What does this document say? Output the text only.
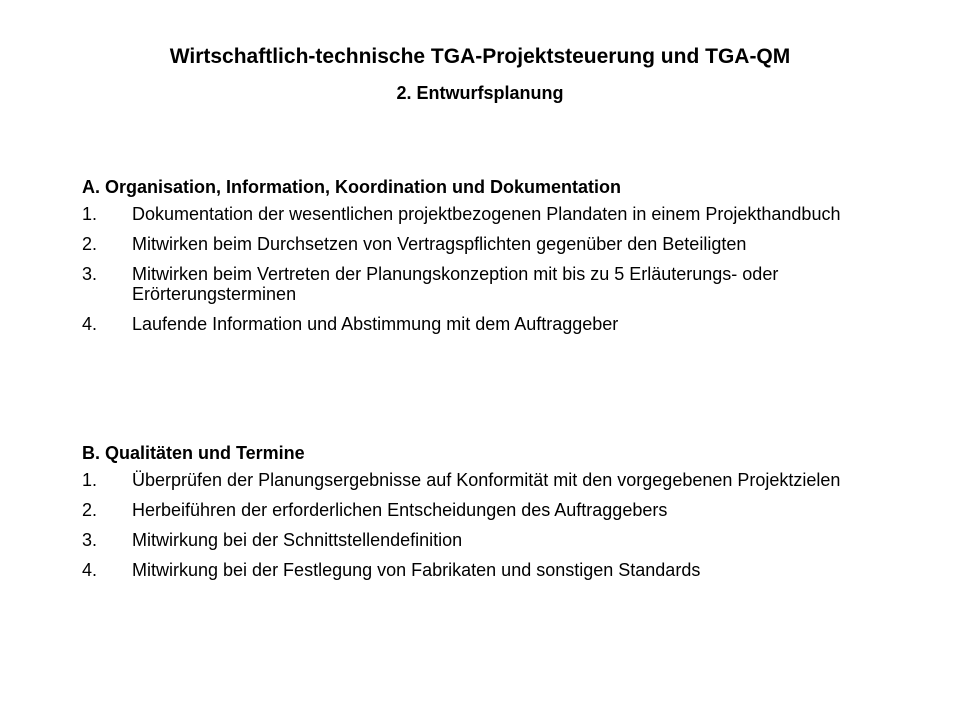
Wirtschaftlich-technische TGA-Projektsteuerung und TGA-QM
2. Entwurfsplanung
A. Organisation, Information, Koordination und Dokumentation
1.	Dokumentation der wesentlichen projektbezogenen Plandaten in einem Projekthandbuch
2.	Mitwirken beim Durchsetzen von Vertragspflichten gegenüber den Beteiligten
3.	Mitwirken beim Vertreten der Planungskonzeption mit bis zu 5 Erläuterungs- oder Erörterungsterminen
4.	Laufende Information und Abstimmung mit dem Auftraggeber
B. Qualitäten und Termine
1.	Überprüfen der Planungsergebnisse auf Konformität mit den vorgegebenen Projektzielen
2.	Herbeiführen der erforderlichen Entscheidungen des Auftraggebers
3.	Mitwirkung bei der Schnittstellendefinition
4.	Mitwirkung bei der Festlegung von Fabrikaten und sonstigen Standards
